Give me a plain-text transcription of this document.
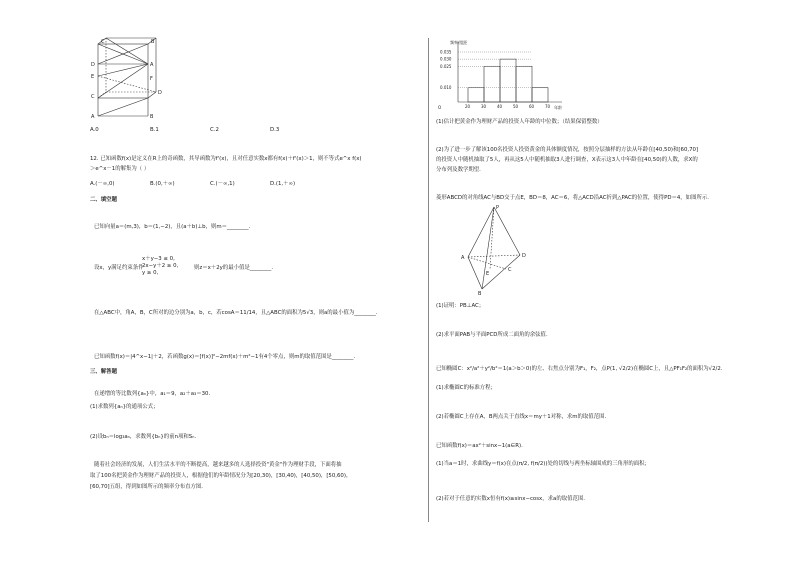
C	B
D	A
E	F
C
D
A	B
A.0	B.1	C.2	D.3
12. 已知函数f(x)是定义在R上的奇函数，其导函数为f'(x)，且对任意实数x都有f(x)＋f'(x)＞1，则不等式e^x f(x)
＞e^x－1的解集为（ ）
A.(－∞,0)	B.(0,＋∞)	C.(－∞,1)	D.(1,＋∞)
二、填空题
已知向量a＝(m,3)，b＝(1,−2)，且(a＋b)⊥b，则m＝________.
设x，y满足约束条件
x＋y−3 ≤ 0,
2x−y＋2 ≥ 0,
y ≥ 0,
则z＝x＋2y的最小值是________.
在△ABC中，角A，B，C所对的边分别为a，b，c，若cosA＝11/14，且△ABC的面积为5√3，则a的最小值为________.
已知函数f(x)＝|4^x−1|＋2，若函数g(x)＝[f(x)]²−2mf(x)＋m²−1有4个零点，则m的取值范围是________.
三、解答题
在递增的等比数列{aₙ}中，a₁＝9，a₂＋a₃＝30.
(1)求数列{aₙ}的通项公式；
(2)设bₙ＝log₃aₙ，求数列{bₙ}的前n项和Sₙ.
随着社会经济的发展，人们生活水平的不断提高，越来越多的人选择投资"黄金"作为理财手段，下面将抽
取了100名把黄金作为理财产品的投资人，根据他们的年龄情况分为[20,30)，[30,40)，[40,50)，[50,60)，
[60,70]五组，得到如图所示的频率分布直方图.
频率/组距
O	年龄
0.035
0.030
0.025
0.010
20	30	40	50	60	70
(1)估计把黄金作为理财产品的投资人年龄的中位数；（结果保留整数）
(2)为了进一步了解该100名投资人投资黄金的具体额度情况，按照分层抽样的方法从年龄在[40,50)和[60,70]
的投资人中随机抽取了5人，再从这5人中随机抽取3人进行调查，X表示这3人中年龄在[40,50)的人数，求X的
分布列及数学期望.
菱形ABCD的对角线AC与BD交于点E，BD＝8，AC＝6，将△ACD沿AC折到△PAC的位置，使得PD＝4，如图所示.
P
A
B
D
C
E
(1)证明：PB⊥AC；
(2)求平面PAB与平面PCD所成二面角的余弦值.
已知椭圆C：x²/a²＋y²/b²＝1(a＞b＞0)的左、右焦点分别为F₁，F₂，点P(1, √2/2)在椭圆C上，且△PF₁F₂的面积为√2/2.
(1)求椭圆C的标准方程；
(2)若椭圆C上存在A，B两点关于直线x＝my＋1对称，求m的取值范围.
已知函数f(x)＝ax²＋sinx−1(a∈R).
(1)当a＝1时，求曲线y＝f(x)在点(π/2, f(π/2))处的切线与两坐标轴围成的三角形的面积；
(2)若对于任意的实数x恒有f(x)≥sinx−cosx，求a的取值范围.
